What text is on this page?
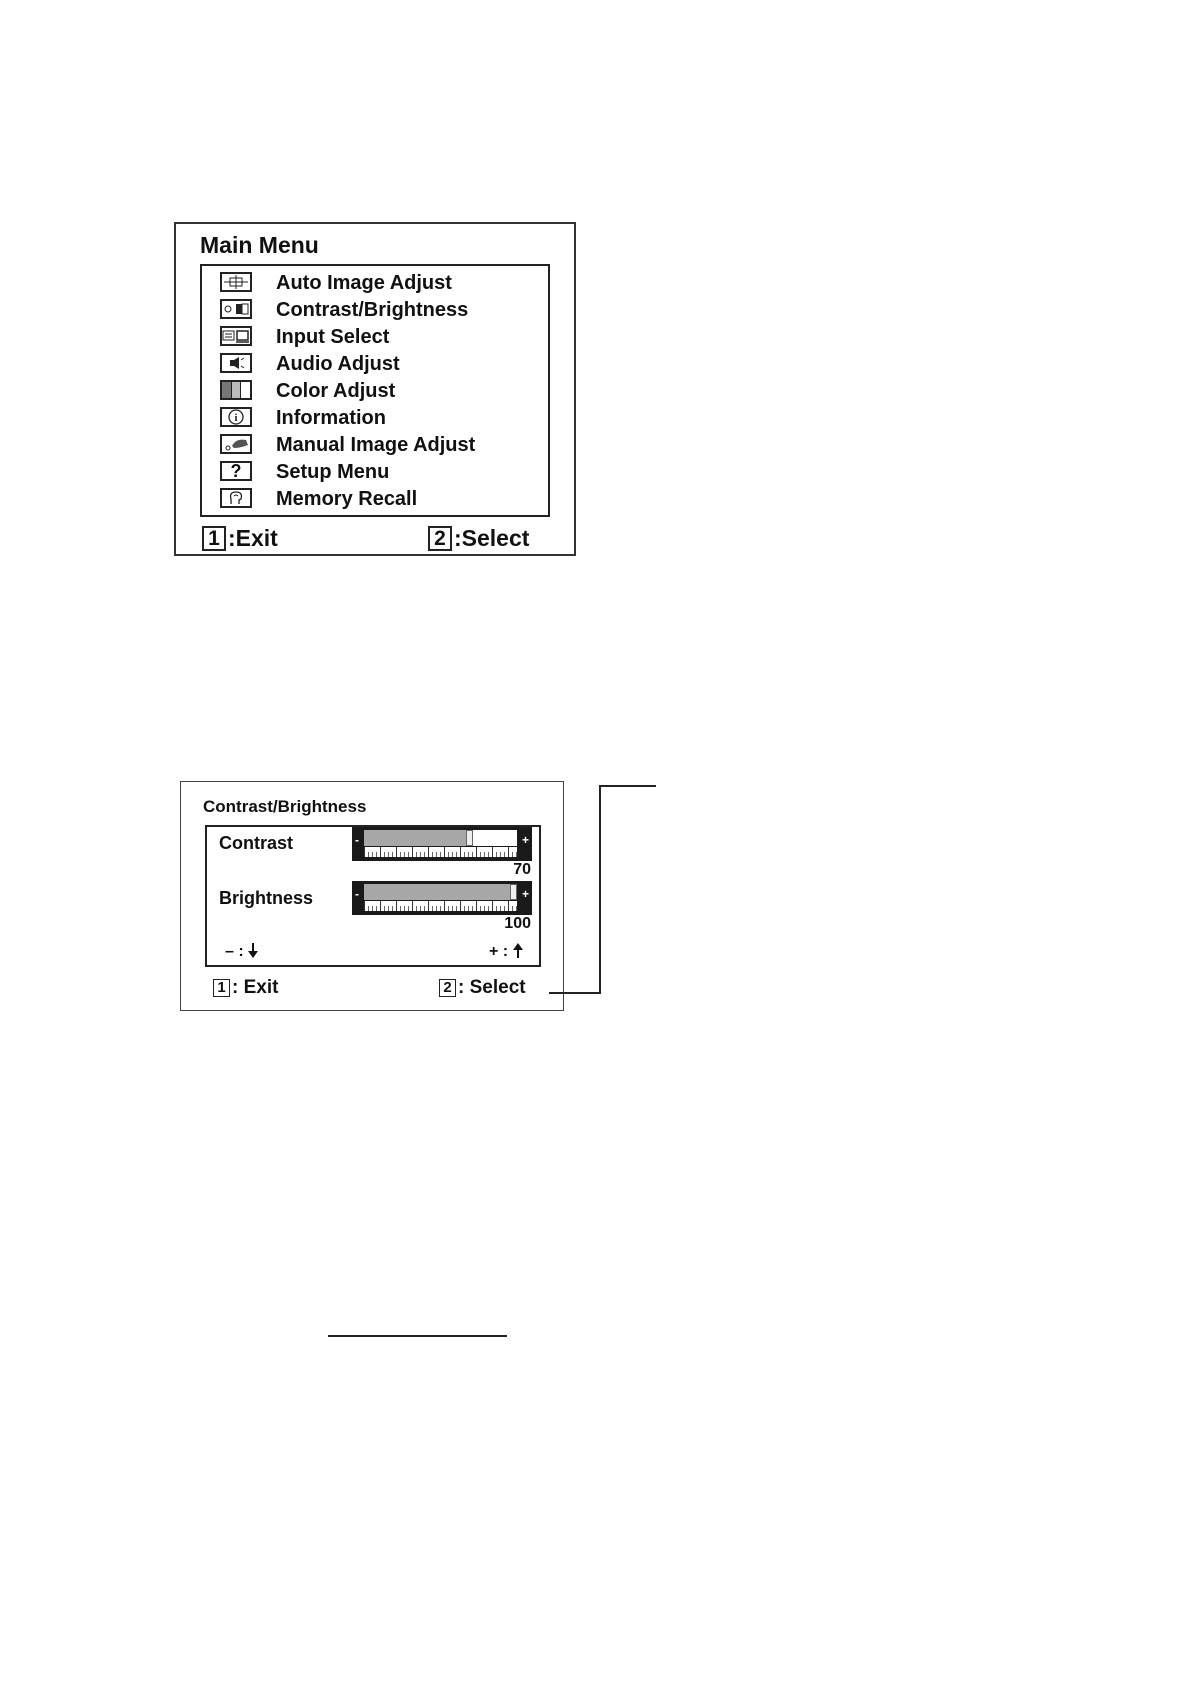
Main Menu
Auto Image Adjust
Contrast/Brightness
Input Select
Audio Adjust
Color Adjust
i Information
Manual Image Adjust
?	Setup Menu
Memory Recall
1 :Exit	2 :Select
Contrast/Brightness
Contrast	-	+
70
Brightness	-	+
100
– :	+ :
1 : Exit	2 : Select
